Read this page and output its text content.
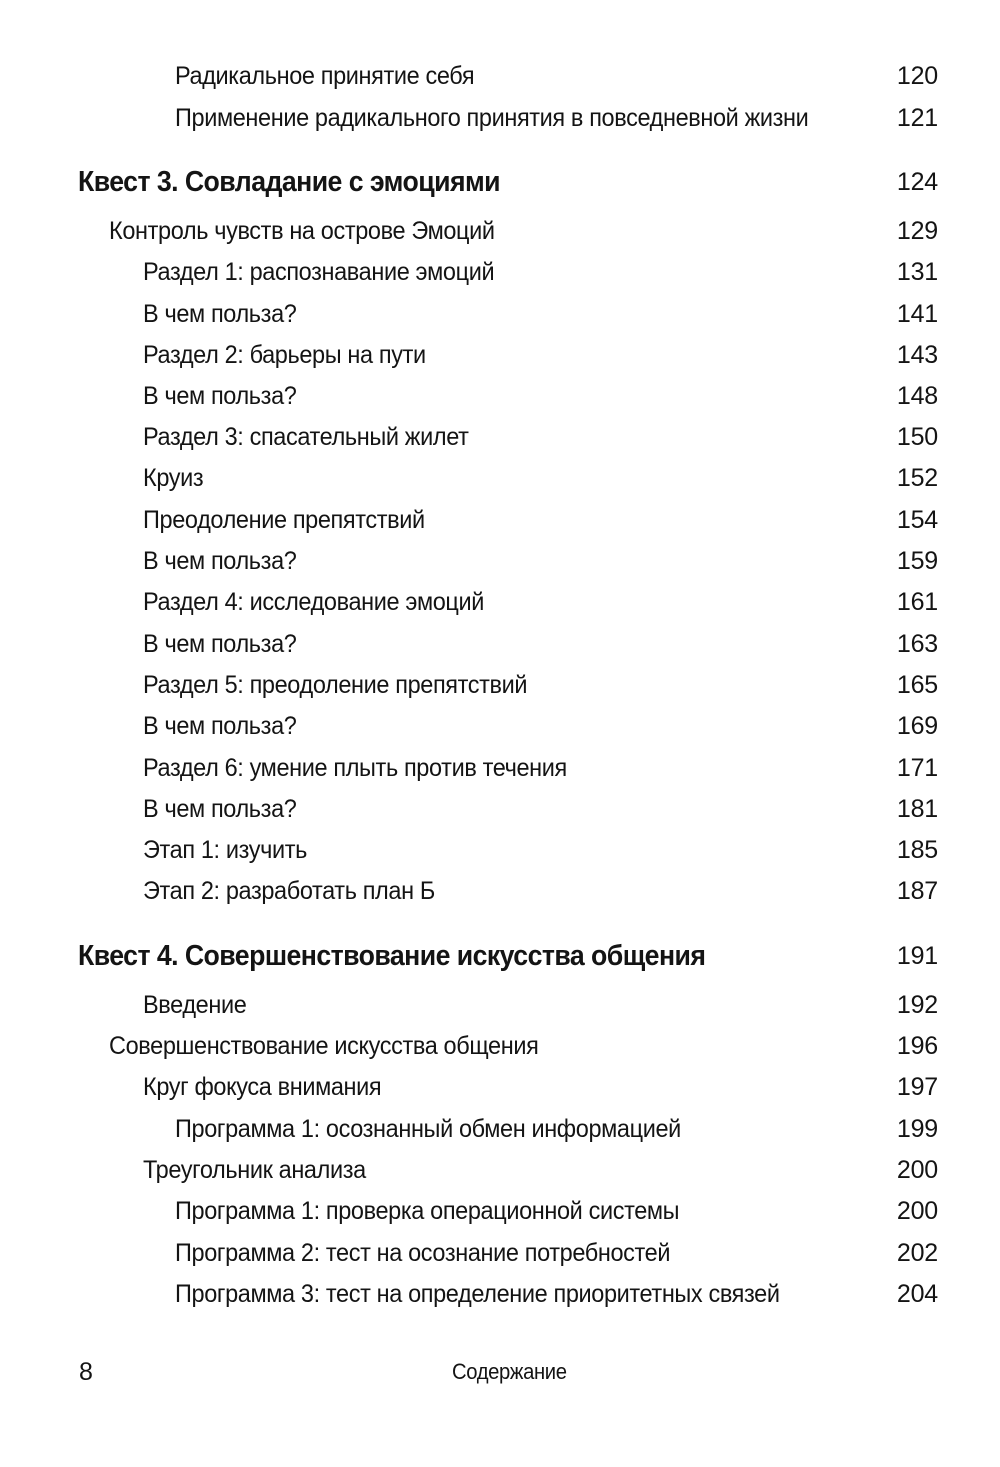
Радикальное принятие себя	120
Применение радикального принятия в повседневной жизни	121
Квест 3. Совладание с эмоциями	124
Контроль чувств на острове Эмоций	129
Раздел 1: распознавание эмоций	131
В чем польза?	141
Раздел 2: барьеры на пути	143
В чем польза?	148
Раздел 3: спасательный жилет	150
Круиз	152
Преодоление препятствий	154
В чем польза?	159
Раздел 4: исследование эмоций	161
В чем польза?	163
Раздел 5: преодоление препятствий	165
В чем польза?	169
Раздел 6: умение плыть против течения	171
В чем польза?	181
Этап 1: изучить	185
Этап 2: разработать план Б	187
Квест 4. Совершенствование искусства общения	191
Введение	192
Совершенствование искусства общения	196
Круг фокуса внимания	197
Программа 1: осознанный обмен информацией	199
Треугольник анализа	200
Программа 1: проверка операционной системы	200
Программа 2: тест на осознание потребностей	202
Программа 3: тест на определение приоритетных связей	204
8	Содержание
